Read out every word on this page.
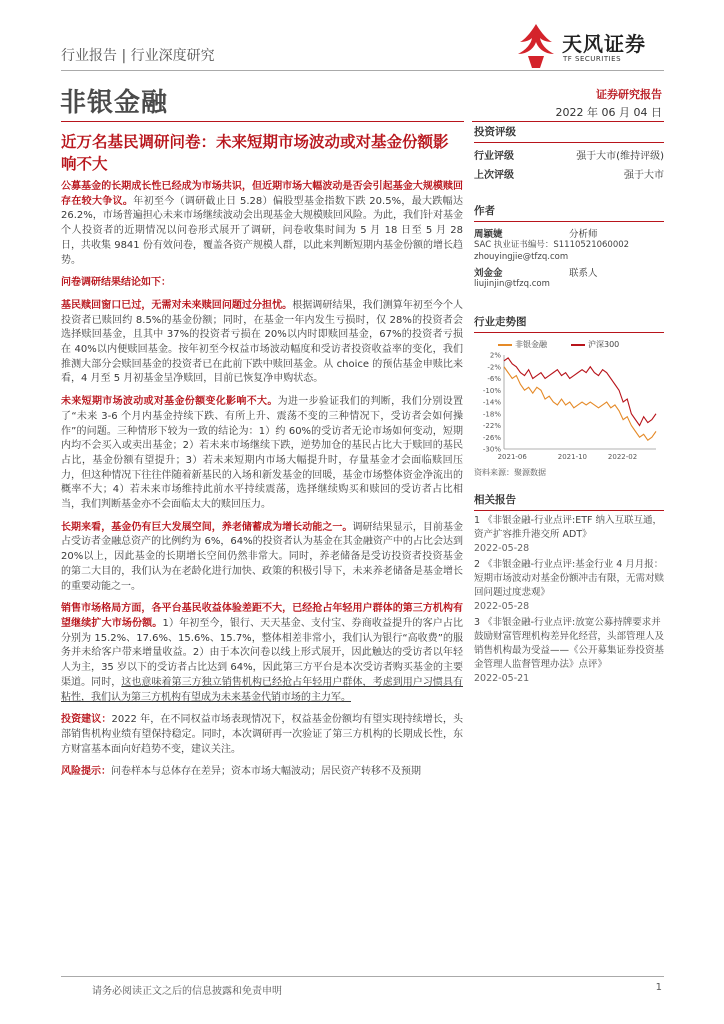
行业报告 | 行业深度研究	天风证券
TF SECURITIES
非银金融	证券研究报告
2022 年 06 月 04 日
近万名基民调研问卷：未来短期市场波动或对基金份额影响不大

公募基金的长期成长性已经成为市场共识，但近期市场大幅波动是否会引起基金大规模赎回存在较大争议。年初至今（调研截止日 5.28）偏股型基金指数下跌 20.5%，最大跌幅达 26.2%，市场普遍担心未来市场继续波动会出现基金大规模赎回风险。为此，我们针对基金个人投资者的近期情况以问卷形式展开了调研，问卷收集时间为 5 月 18 日至 5 月 28 日，共收集 9841 份有效问卷，覆盖各资产规模人群，以此来判断短期内基金份额的增长趋势。

问卷调研结果结论如下：

基民赎回窗口已过，无需对未来赎回问题过分担忧。根据调研结果，我们测算年初至今个人投资者已赎回约 8.5%的基金份额；同时，在基金一年内发生亏损时，仅 28%的投资者会选择赎回基金，且其中 37%的投资者亏损在 20%以内时即赎回基金，67%的投资者亏损在 40%以内便赎回基金。按年初至今权益市场波动幅度和受访者投资收益率的变化，我们推测大部分会赎回基金的投资者已在此前下跌中赎回基金。从 choice 的预估基金申赎比来看，4 月至 5 月初基金呈净赎回，目前已恢复净申购状态。

未来短期市场波动或对基金份额变化影响不大。为进一步验证我们的判断，我们分别设置了“未来 3-6 个月内基金持续下跌、有所上升、震荡不变的三种情况下，受访者会如何操作”的问题。三种情形下较为一致的结论为：1）约 60%的受访者无论市场如何变动，短期内均不会买入或卖出基金；2）若未来市场继续下跌，逆势加仓的基民占比大于赎回的基民占比，基金份额有望提升；3）若未来短期内市场大幅提升时，存量基金才会面临赎回压力，但这种情况下往往伴随着新基民的入场和新发基金的回暖，基金市场整体资金净流出的概率不大；4）若未来市场维持此前水平持续震荡，选择继续购买和赎回的受访者占比相当，我们判断基金亦不会面临太大的赎回压力。

长期来看，基金仍有巨大发展空间，养老储蓄成为增长动能之一。调研结果显示，目前基金占受访者金融总资产的比例约为 6%，64%的投资者认为基金在其金融资产中的占比会达到 20%以上，因此基金的长期增长空间仍然非常大。同时，养老储备是受访投资者投资基金的第二大目的，我们认为在老龄化进行加快、政策的积极引导下，未来养老储备是基金增长的重要动能之一。

销售市场格局方面，各平台基民收益体验差距不大，已经抢占年轻用户群体的第三方机构有望继续扩大市场份额。1）年初至今，银行、天天基金、支付宝、券商收益提升的客户占比分别为 15.2%、17.6%、15.6%、15.7%，整体相差非常小，我们认为银行“高收费”的服务并未给客户带来增量收益。2）由于本次问卷以线上形式展开，因此触达的受访者以年轻人为主，35 岁以下的受访者占比达到 64%，因此第三方平台是本次受访者购买基金的主要渠道。同时，这也意味着第三方独立销售机构已经抢占年轻用户群体，考虑到用户习惯具有粘性，我们认为第三方机构有望成为未来基金代销市场的主力军。

投资建议：2022 年，在不同权益市场表现情况下，权益基金份额均有望实现持续增长，头部销售机构业绩有望保持稳定。同时，本次调研再一次验证了第三方机构的长期成长性，东方财富基本面向好趋势不变，建议关注。

风险提示：问卷样本与总体存在差异；资本市场大幅波动；居民资产转移不及预期

投资评级
行业评级	强于大市(维持评级)
上次评级	强于大市
作者
周颖婕	分析师
SAC 执业证书编号：S1110521060002
zhouyingjie@tfzq.com
刘金金	联系人
liujinjin@tfzq.com
行业走势图
非银金融	沪深300
2%
-2%
-6%
-10%
-14%
-18%
-22%
-26%
-30%
2021-06	2021-10	2022-02
资料来源：聚源数据
相关报告
1 《非银金融-行业点评:ETF 纳入互联互通，资产扩容推升港交所 ADT》
2022-05-28
2 《非银金融-行业点评:基金行业 4 月月报：短期市场波动对基金份额冲击有限，无需对赎回问题过度悲观》
2022-05-28
3 《非银金融-行业点评:放宽公募持牌要求并鼓励财富管理机构差异化经营，头部管理人及销售机构最为受益——《公开募集证券投资基金管理人监督管理办法》点评》
2022-05-21
请务必阅读正文之后的信息披露和免责申明	1
